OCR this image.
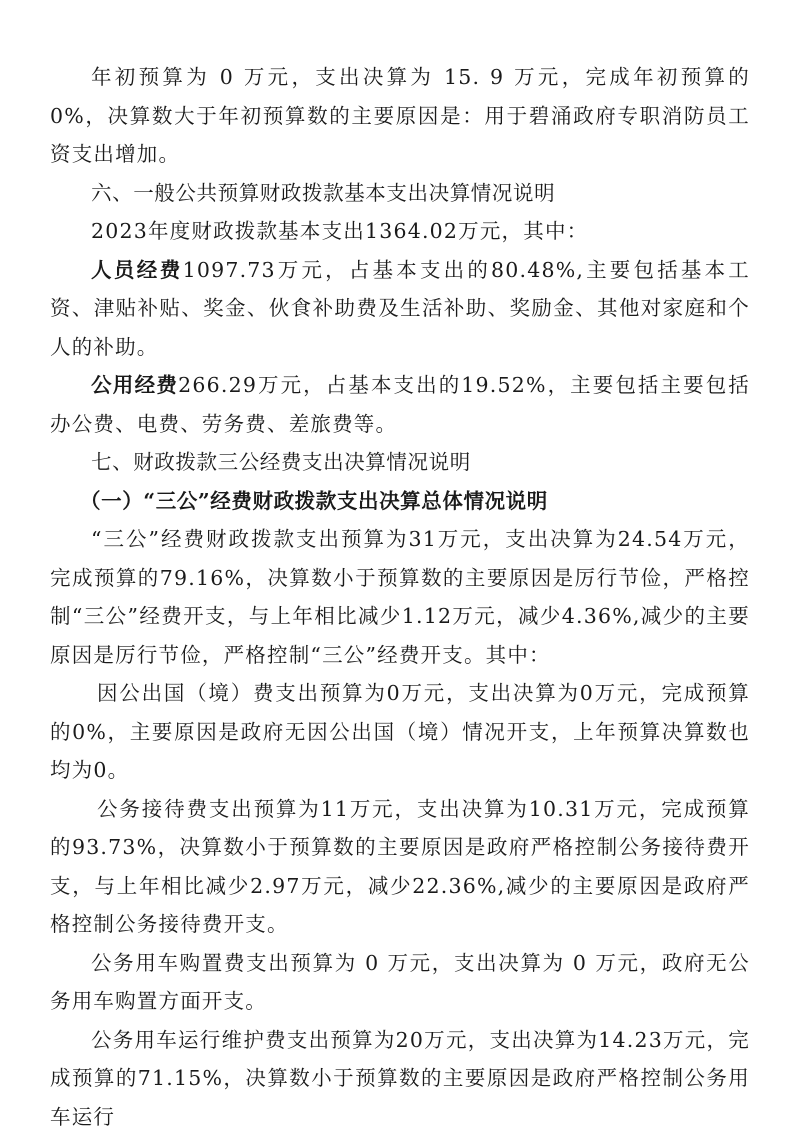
年初预算为 0 万元，支出决算为 15. 9 万元，完成年初预算的 0%，决算数大于年初预算数的主要原因是：用于碧涌政府专职消防员工资支出增加。

六、一般公共预算财政拨款基本支出决算情况说明

2023年度财政拨款基本支出1364.02万元，其中：

人员经费1097.73万元，占基本支出的80.48%,主要包括基本工资、津贴补贴、奖金、伙食补助费及生活补助、奖励金、其他对家庭和个人的补助。

公用经费266.29万元，占基本支出的19.52%，主要包括主要包括办公费、电费、劳务费、差旅费等。

七、财政拨款三公经费支出决算情况说明

（一）“三公”经费财政拨款支出决算总体情况说明

“三公”经费财政拨款支出预算为31万元，支出决算为24.54万元，完成预算的79.16%，决算数小于预算数的主要原因是厉行节俭，严格控制“三公”经费开支，与上年相比减少1.12万元，减少4.36%,减少的主要原因是厉行节俭，严格控制“三公”经费开支。其中：

因公出国（境）费支出预算为0万元，支出决算为0万元，完成预算的0%，主要原因是政府无因公出国（境）情况开支，上年预算决算数也均为0。

公务接待费支出预算为11万元，支出决算为10.31万元，完成预算的93.73%，决算数小于预算数的主要原因是政府严格控制公务接待费开支，与上年相比减少2.97万元，减少22.36%,减少的主要原因是政府严格控制公务接待费开支。

公务用车购置费支出预算为 0 万元，支出决算为 0 万元，政府无公务用车购置方面开支。

公务用车运行维护费支出预算为20万元，支出决算为14.23万元，完成预算的71.15%，决算数小于预算数的主要原因是政府严格控制公务用车运行
